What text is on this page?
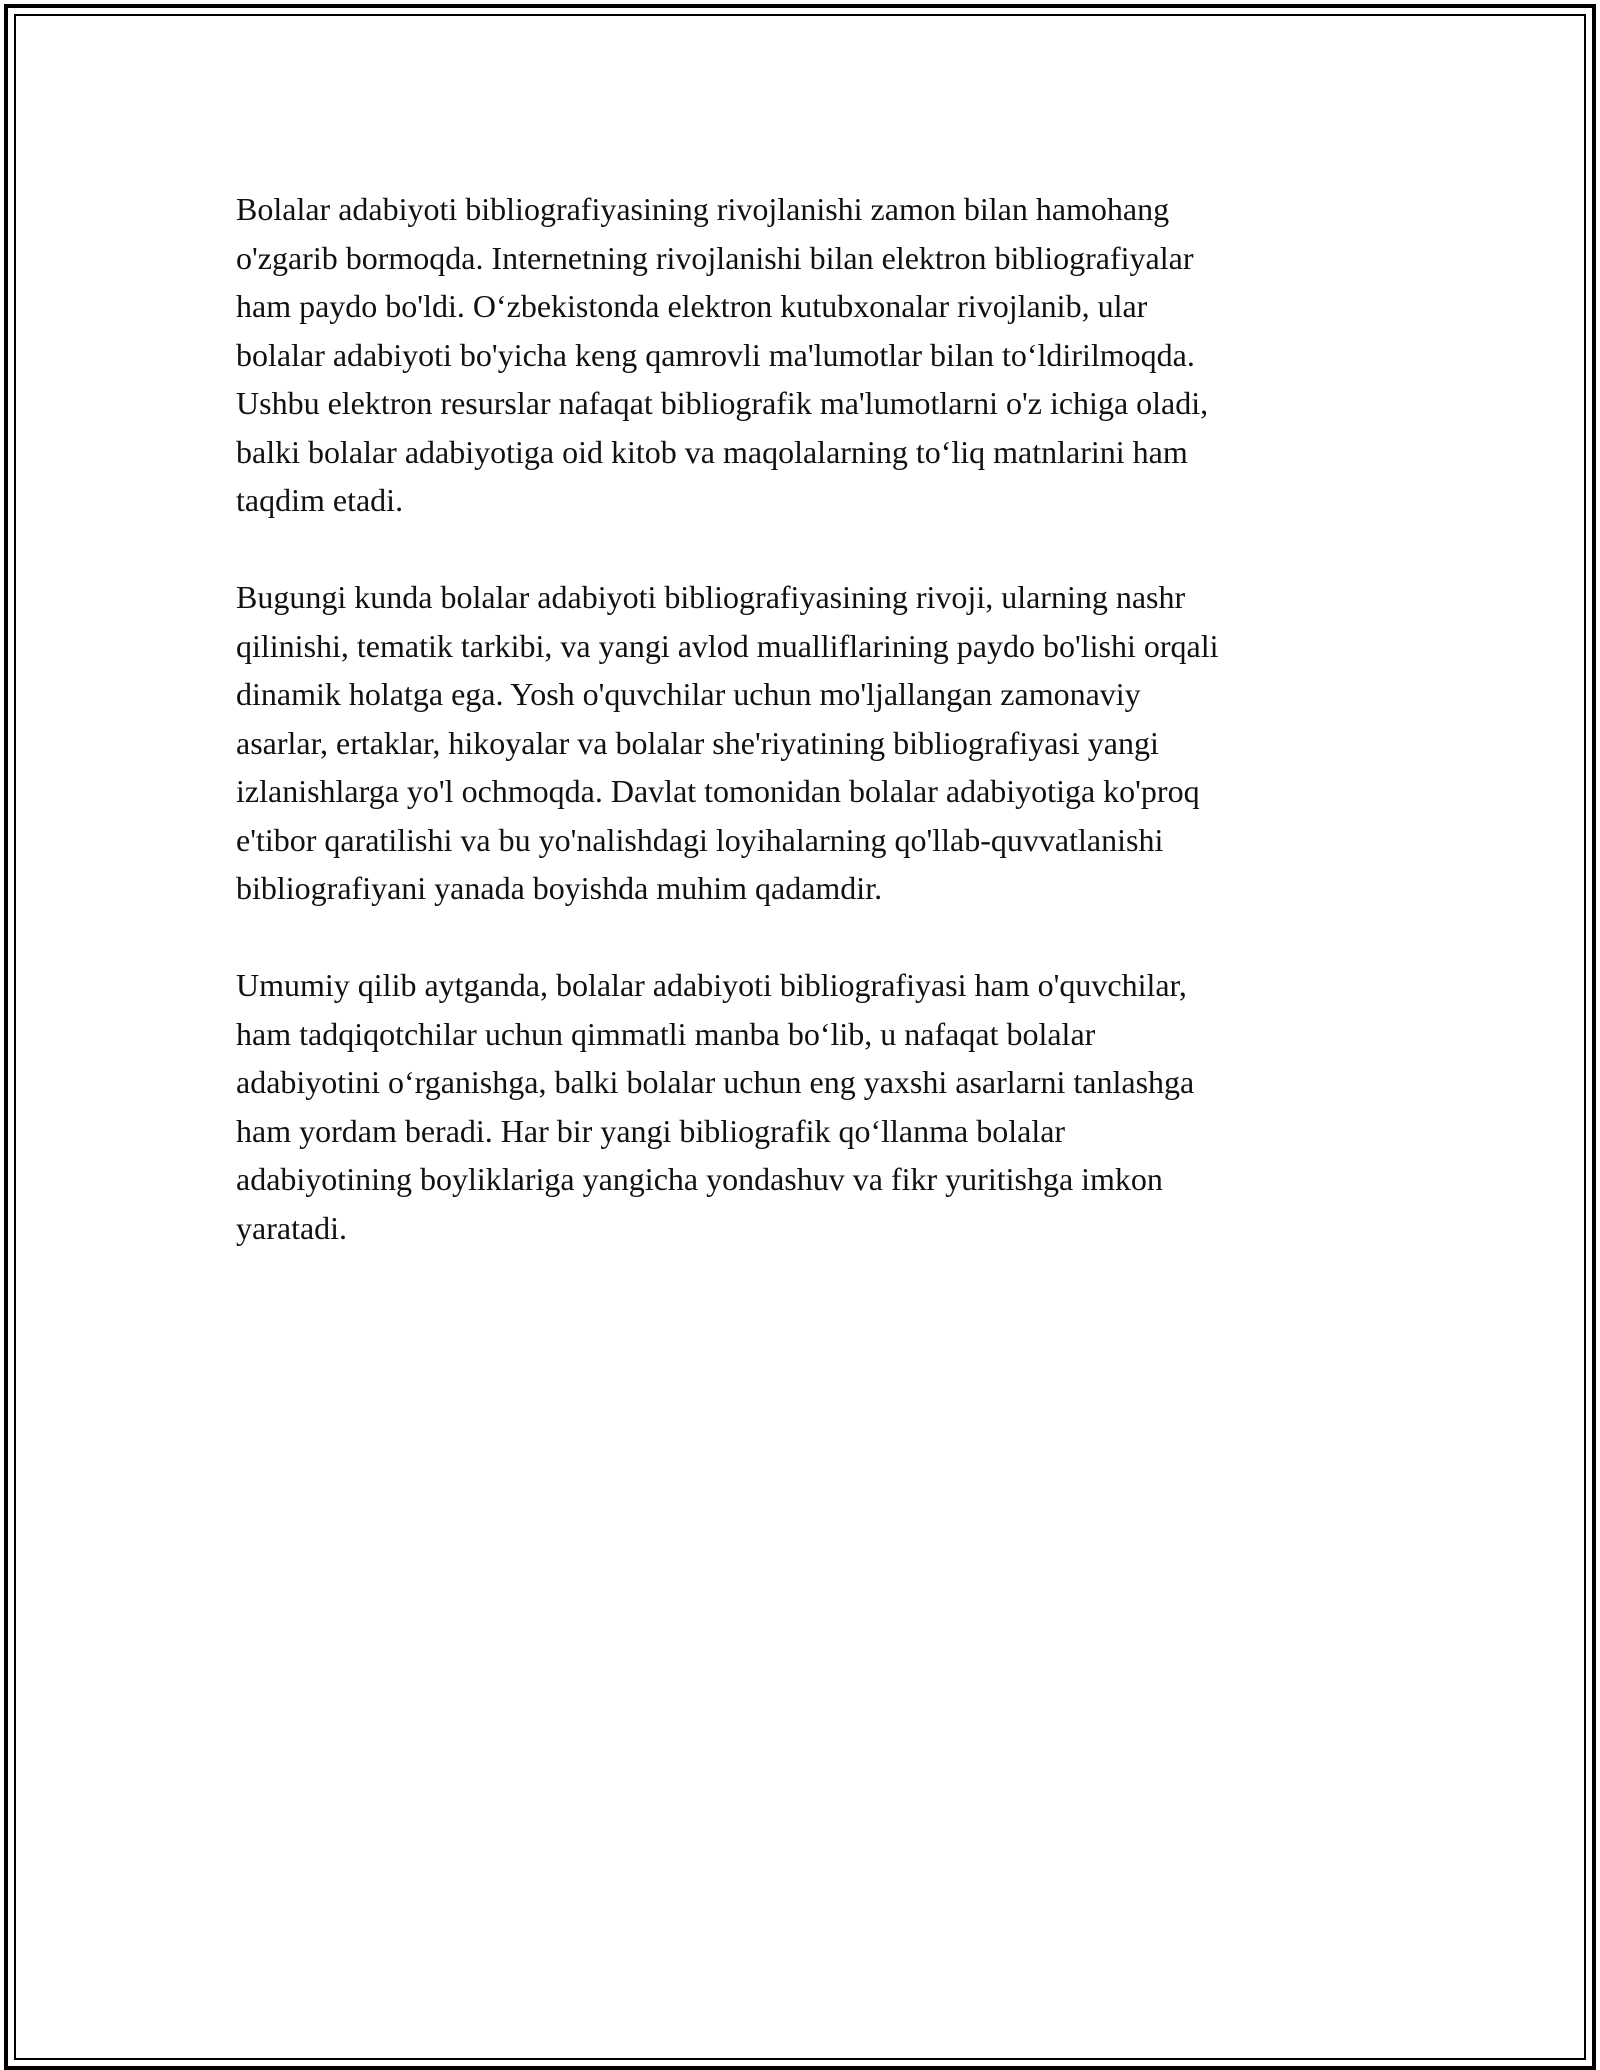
Bolalar adabiyoti bibliografiyasining rivojlanishi zamon bilan hamohang
o'zgarib bormoqda. Internetning rivojlanishi bilan elektron bibliografiyalar
ham paydo bo'ldi. O‘zbekistonda elektron kutubxonalar rivojlanib, ular
bolalar adabiyoti bo'yicha keng qamrovli ma'lumotlar bilan to‘ldirilmoqda.
Ushbu elektron resurslar nafaqat bibliografik ma'lumotlarni o'z ichiga oladi,
balki bolalar adabiyotiga oid kitob va maqolalarning to‘liq matnlarini ham
taqdim etadi.

Bugungi kunda bolalar adabiyoti bibliografiyasining rivoji, ularning nashr
qilinishi, tematik tarkibi, va yangi avlod mualliflarining paydo bo'lishi orqali
dinamik holatga ega. Yosh o'quvchilar uchun mo'ljallangan zamonaviy
asarlar, ertaklar, hikoyalar va bolalar she'riyatining bibliografiyasi yangi
izlanishlarga yo'l ochmoqda. Davlat tomonidan bolalar adabiyotiga ko'proq
e'tibor qaratilishi va bu yo'nalishdagi loyihalarning qo'llab-quvvatlanishi
bibliografiyani yanada boyishda muhim qadamdir.

Umumiy qilib aytganda, bolalar adabiyoti bibliografiyasi ham o'quvchilar,
ham tadqiqotchilar uchun qimmatli manba bo‘lib, u nafaqat bolalar
adabiyotini o‘rganishga, balki bolalar uchun eng yaxshi asarlarni tanlashga
ham yordam beradi. Har bir yangi bibliografik qo‘llanma bolalar
adabiyotining boyliklariga yangicha yondashuv va fikr yuritishga imkon
yaratadi.
